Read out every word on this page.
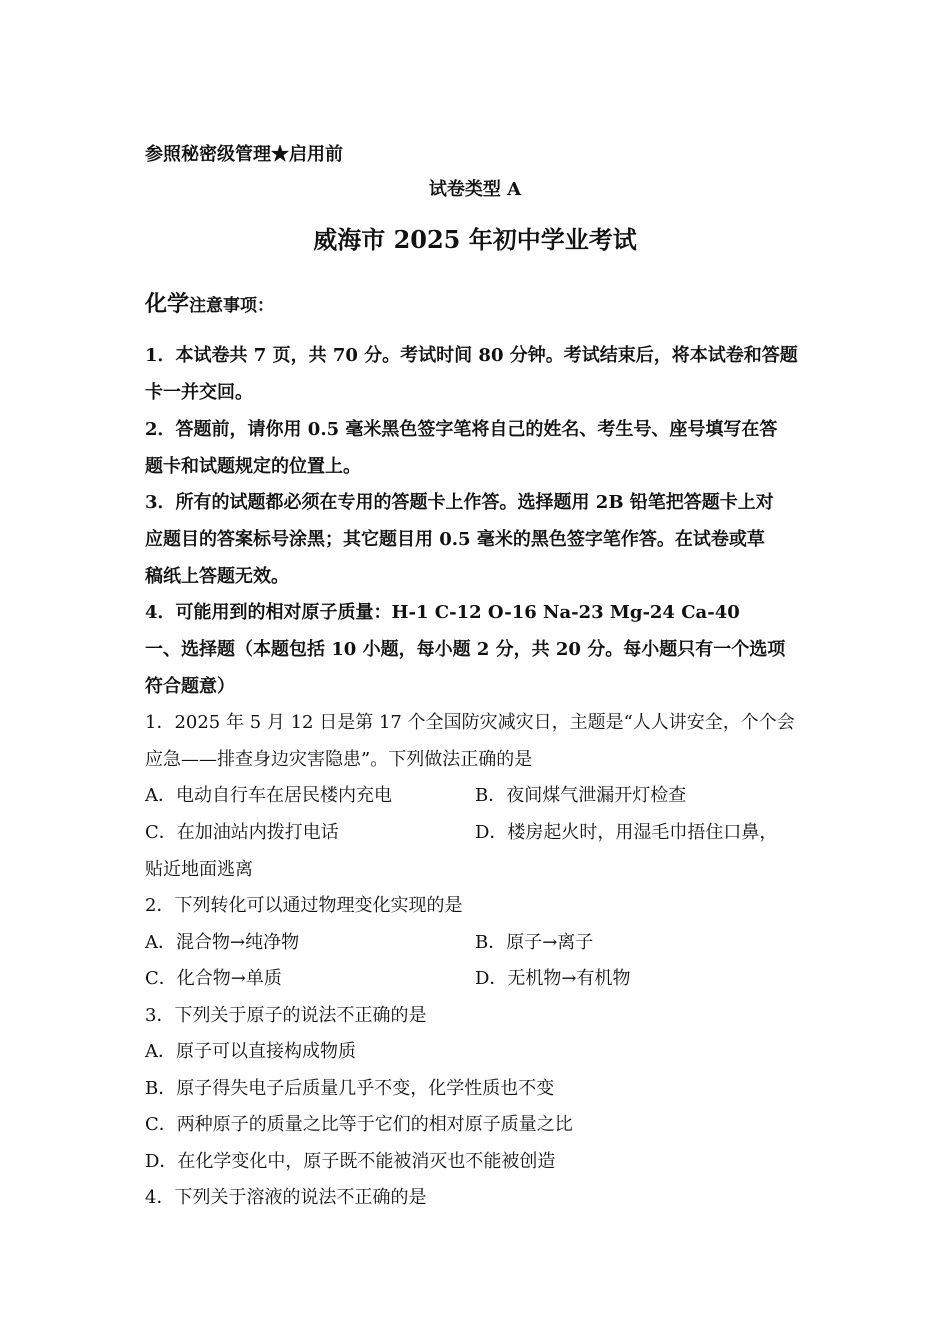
参照秘密级管理★启用前
试卷类型 A
威海市 2025 年初中学业考试
化学注意事项：
1．本试卷共 7 页，共 70 分。考试时间 80 分钟。考试结束后，将本试卷和答题
卡一并交回。
2．答题前，请你用 0.5 毫米黑色签字笔将自己的姓名、考生号、座号填写在答
题卡和试题规定的位置上。
3．所有的试题都必须在专用的答题卡上作答。选择题用 2B 铅笔把答题卡上对
应题目的答案标号涂黑；其它题目用 0.5 毫米的黑色签字笔作答。在试卷或草
稿纸上答题无效。
4．可能用到的相对原子质量：H-1 C-12 O-16 Na-23 Mg-24 Ca-40
一、选择题（本题包括 10 小题，每小题 2 分，共 20 分。每小题只有一个选项
符合题意）
1．2025 年 5 月 12 日是第 17 个全国防灾减灾日，主题是“人人讲安全，个个会
应急——排查身边灾害隐患”。下列做法正确的是
A．电动自行车在居民楼内充电	B．夜间煤气泄漏开灯检查
C．在加油站内拨打电话	D．楼房起火时，用湿毛巾捂住口鼻，
贴近地面逃离
2．下列转化可以通过物理变化实现的是
A．混合物→纯净物	B．原子→离子
C．化合物→单质	D．无机物→有机物
3．下列关于原子的说法不正确的是
A．原子可以直接构成物质
B．原子得失电子后质量几乎不变，化学性质也不变
C．两种原子的质量之比等于它们的相对原子质量之比
D．在化学变化中，原子既不能被消灭也不能被创造
4．下列关于溶液的说法不正确的是
